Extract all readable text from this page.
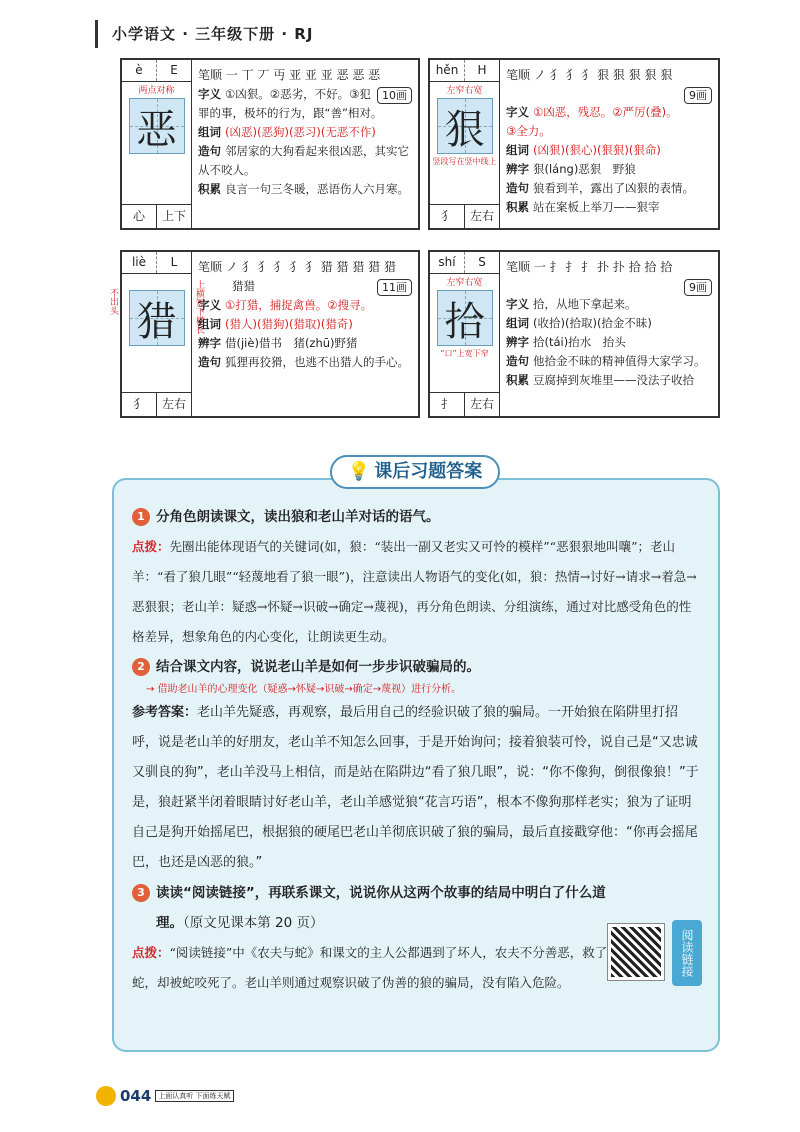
小学语文 · 三年级下册 · RJ
è	E
两点对称
恶
心	上下
笔顺 一 丅 丆 丏 亚 亚 亚 恶 恶 恶
10画
字义 ①凶狠。②恶劣，不好。③犯罪的事，极坏的行为，跟“善”相对。
组词 (凶恶)(恶狗)(恶习)(无恶不作)
造句 邻居家的大狗看起来很凶恶，其实它从不咬人。
积累 良言一句三冬暖，恶语伤人六月寒。
hěn	H
左窄右宽
狠
竖段写在竖中线上
犭	左右
笔顺 ノ 犭 犭 犭 狠 狠 狠 狠 狠
9画
字义 ①凶恶，残忍。②严厉(叠)。③全力。
组词 (凶狠)(狠心)(狠狠)(狠命)
辨字 狠(láng)恶狠　野狼
造句 狼看到羊，露出了凶狠的表情。
积累 站在案板上举刀——狠宰
liè	L
不出头	上横短下横长
猎
犭	左右
笔顺 ノ 犭 犭 犭 犭 犭 猎 猎 猎 猎 猎
11画
猎猎
字义 ①打猎，捕捉禽兽。②搜寻。
组词 (猎人)(猎狗)(猎取)(猎奇)
辨字 借(jiè)借书　猪(zhū)野猪
造句 狐狸再狡猾，也逃不出猎人的手心。
shí	S
左窄右宽
拾
“口”上宽下窄
扌	左右
笔顺 一 扌 扌 扌 扑 扑 拾 拾 拾
9画
字义 拾，从地下拿起来。
组词 (收拾)(拾取)(拾金不昧)
辨字 拾(tái)抬水　抬头
造句 他拾金不昧的精神值得大家学习。
积累 豆腐掉到灰堆里——没法子收拾
1 分角色朗读课文，读出狼和老山羊对话的语气。
点拨：先圈出能体现语气的关键词(如，狼：“装出一副又老实又可怜的模样”“恶狠狠地叫嚷”；老山羊：“看了狼几眼”“轻蔑地看了狼一眼”)，注意读出人物语气的变化(如，狼：热情→讨好→请求→着急→恶狠狠；老山羊：疑惑→怀疑→识破→确定→蔑视)，再分角色朗读、分组演练，通过对比感受角色的性格差异，想象角色的内心变化，让朗读更生动。
2 结合课文内容，说说老山羊是如何一步步识破骗局的。
→ 借助老山羊的心理变化（疑惑→怀疑→识破→确定→蔑视）进行分析。
参考答案：老山羊先疑惑，再观察，最后用自己的经验识破了狼的骗局。一开始狼在陷阱里打招呼，说是老山羊的好朋友，老山羊不知怎么回事，于是开始询问；接着狼装可怜，说自己是“又忠诚又驯良的狗”，老山羊没马上相信，而是站在陷阱边“看了狼几眼”，说：“你不像狗，倒很像狼！”于是，狼赶紧半闭着眼睛讨好老山羊，老山羊感觉狼“花言巧语”，根本不像狗那样老实；狼为了证明自己是狗开始摇尾巴，根据狼的硬尾巴老山羊彻底识破了狼的骗局，最后直接戳穿他：“你再会摇尾巴，也还是凶恶的狼。”
3 读读“阅读链接”，再联系课文，说说你从这两个故事的结局中明白了什么道理。（原文见课本第 20 页）
点拨：“阅读链接”中《农夫与蛇》和课文的主人公都遇到了坏人，农夫不分善恶，救了蛇，却被蛇咬死了。老山羊则通过观察识破了伪善的狼的骗局，没有陷入危险。
阅读链接
💡 课后习题答案
044	上面认真听 下面练天赋
